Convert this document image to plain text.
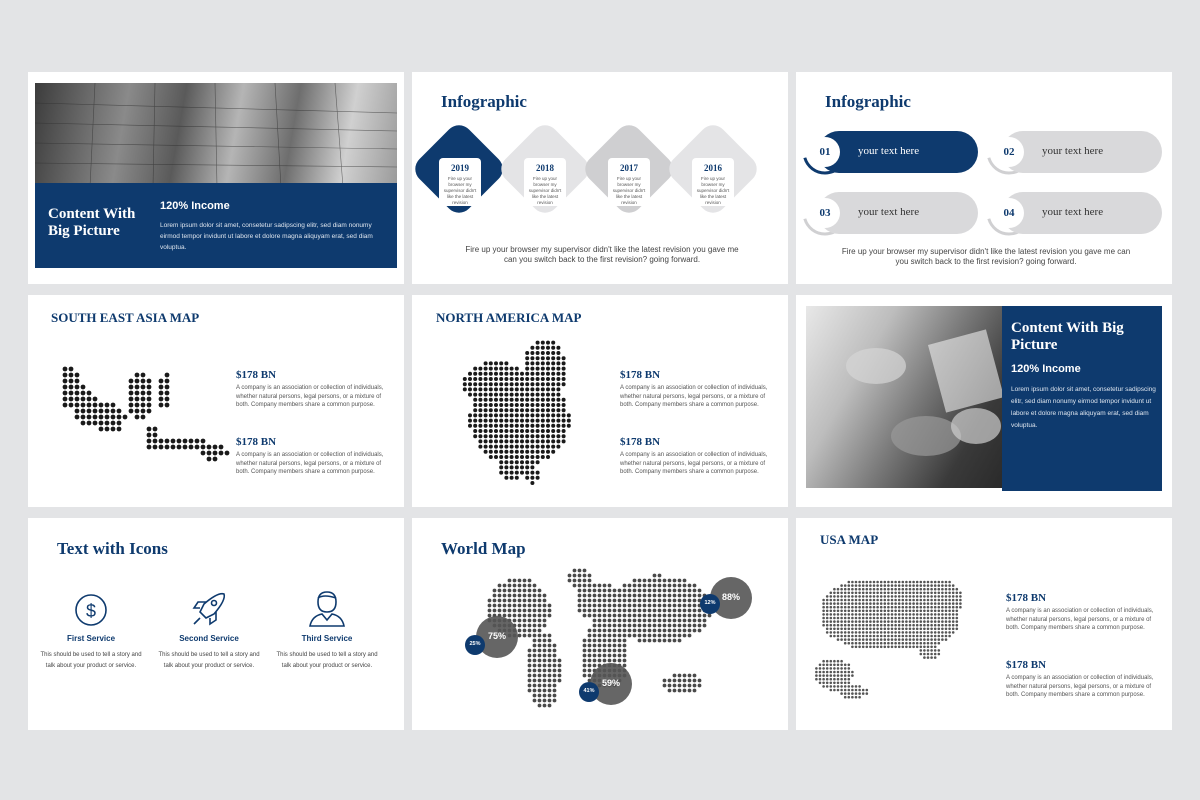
Content With
Big Picture
120% Income
Lorem ipsum dolor sit amet, consetetur sadipscing elitr, sed diam nonumy eirmod tempor invidunt ut labore et dolore magna aliquyam erat, sed diam voluptua.
Infographic
2019
Fire up your browser my supervisor didn't like the latest revision
2018
Fire up your browser my supervisor didn't like the latest revision
2017
Fire up your browser my supervisor didn't like the latest revision
2016
Fire up your browser my supervisor didn't like the latest revision
Fire up your browser my supervisor didn't like the latest revision you gave me can you switch back to the first revision? going forward.
Infographic
01	your text here	02	your text here
03	your text here	04	your text here
Fire up your browser my supervisor didn't like the latest revision you gave me can you switch back to the first revision? going forward.
SOUTH EAST ASIA MAP
$178 BN
A company is an association or collection of individuals, whether natural persons, legal persons, or a mixture of both. Company members share a common purpose.
$178 BN
A company is an association or collection of individuals, whether natural persons, legal persons, or a mixture of both. Company members share a common purpose.
NORTH AMERICA MAP
$178 BN
A company is an association or collection of individuals, whether natural persons, legal persons, or a mixture of both. Company members share a common purpose.
$178 BN
A company is an association or collection of individuals, whether natural persons, legal persons, or a mixture of both. Company members share a common purpose.
Content With Big
Picture
120% Income
Lorem ipsum dolor sit amet, consetetur sadipscing elitr, sed diam nonumy eirmod tempor invidunt ut labore et dolore magna aliquyam erat, sed diam voluptua.
Text with Icons
$
First Service
This should be used to tell a story and talk about your product or service.
Second Service
This should be used to tell a story and talk about your product or service.
Third Service
This should be used to tell a story and talk about your product or service.
World Map
75%
25%
88%
12%
59%
41%
USA MAP
$178 BN
A company is an association or collection of individuals, whether natural persons, legal persons, or a mixture of both. Company members share a common purpose.
$178 BN
A company is an association or collection of individuals, whether natural persons, legal persons, or a mixture of both. Company members share a common purpose.
